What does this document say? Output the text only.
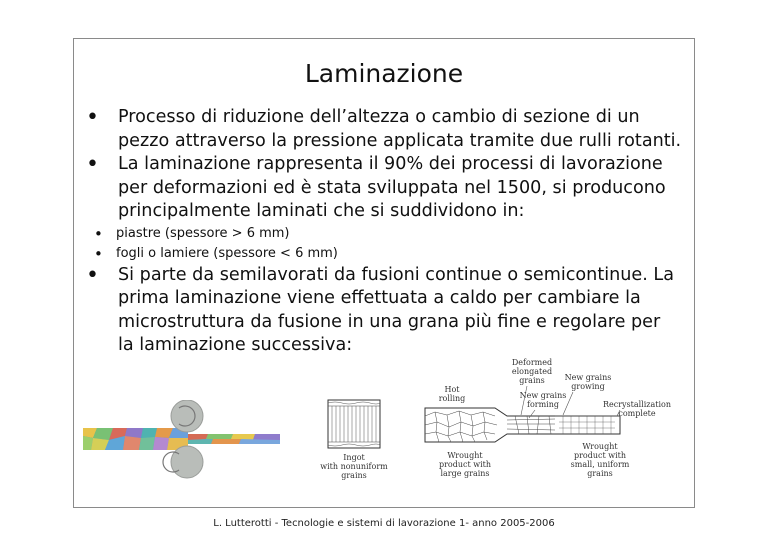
Laminazione
• Processo di riduzione dell’altezza o cambio di sezione di un pezzo attraverso la pressione applicata tramite due rulli rotanti.
• La laminazione rappresenta il 90% dei processi di lavorazione per deformazioni ed è stata sviluppata nel 1500, si producono principalmente laminati che si suddividono in:
• piastre (spessore > 6 mm)
• fogli o lamiere (spessore < 6 mm)
• Si parte da semilavorati da fusioni continue o semicontinue. La prima laminazione viene effettuata a caldo per cambiare la microstruttura da fusione in una grana più fine e regolare per la laminazione successiva:
L. Lutterotti - Tecnologie e sistemi di lavorazione 1- anno 2005-2006
Ingot
with nonuniform
grains
Hot
rolling
Deformed
elongated
grains New grains
growing
New grains
forming	Recrystallization
complete
Wrought
product with
large grains
Wrought
product with
small, uniform
grains
